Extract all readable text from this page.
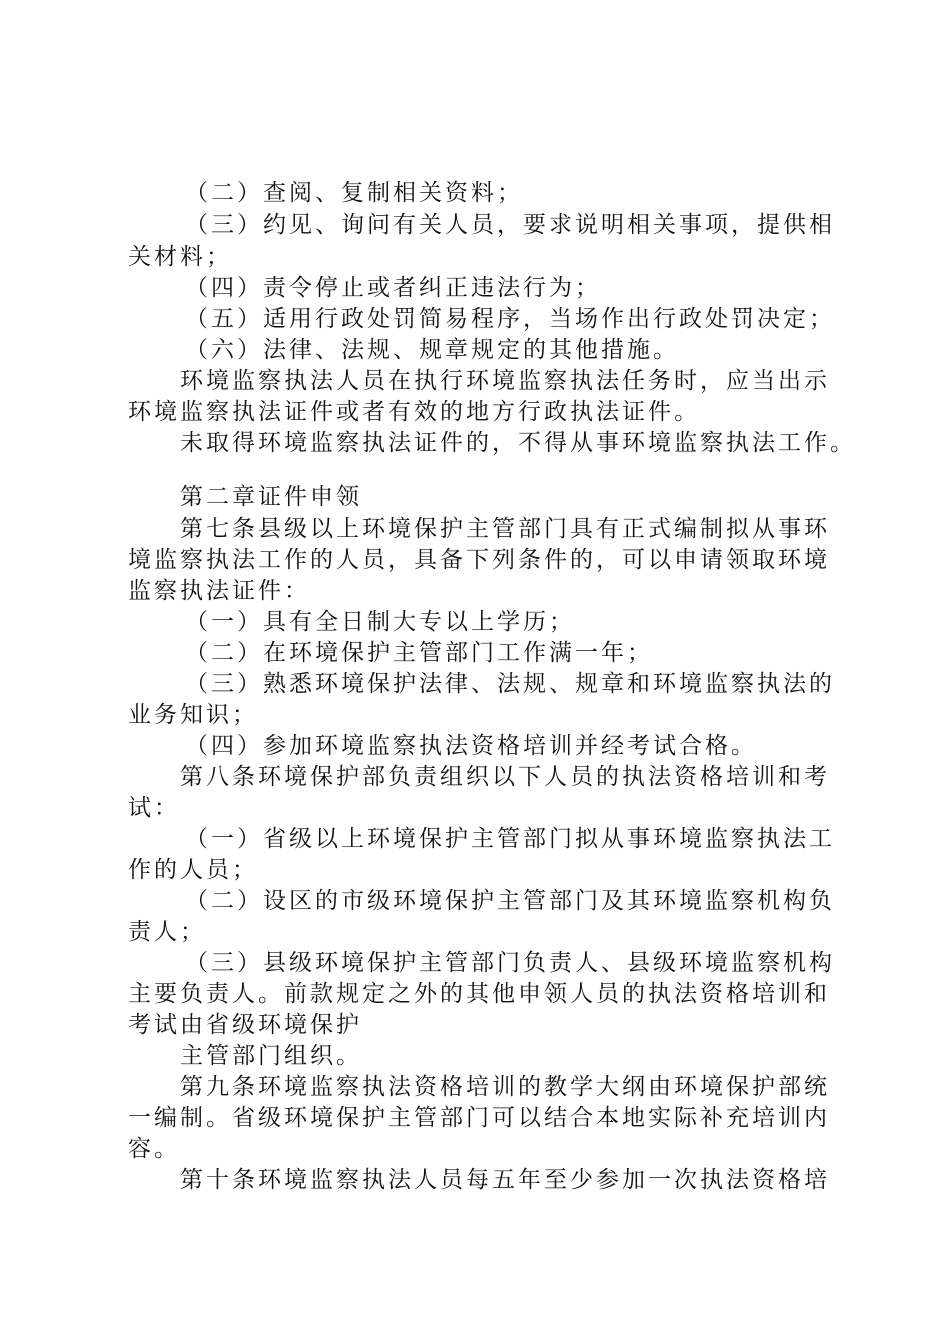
（二）查阅、复制相关资料；
（三）约见、询问有关人员，要求说明相关事项，提供相
关材料；
（四）责令停止或者纠正违法行为；
（五）适用行政处罚简易程序，当场作出行政处罚决定；
（六）法律、法规、规章规定的其他措施。
环境监察执法人员在执行环境监察执法任务时，应当出示
环境监察执法证件或者有效的地方行政执法证件。
未取得环境监察执法证件的，不得从事环境监察执法工作。
第二章证件申领
第七条县级以上环境保护主管部门具有正式编制拟从事环
境监察执法工作的人员，具备下列条件的，可以申请领取环境
监察执法证件：
（一）具有全日制大专以上学历；
（二）在环境保护主管部门工作满一年；
（三）熟悉环境保护法律、法规、规章和环境监察执法的
业务知识；
（四）参加环境监察执法资格培训并经考试合格。
第八条环境保护部负责组织以下人员的执法资格培训和考
试：
（一）省级以上环境保护主管部门拟从事环境监察执法工
作的人员；
（二）设区的市级环境保护主管部门及其环境监察机构负
责人；
（三）县级环境保护主管部门负责人、县级环境监察机构
主要负责人。前款规定之外的其他申领人员的执法资格培训和
考试由省级环境保护
主管部门组织。
第九条环境监察执法资格培训的教学大纲由环境保护部统
一编制。省级环境保护主管部门可以结合本地实际补充培训内
容。
第十条环境监察执法人员每五年至少参加一次执法资格培
